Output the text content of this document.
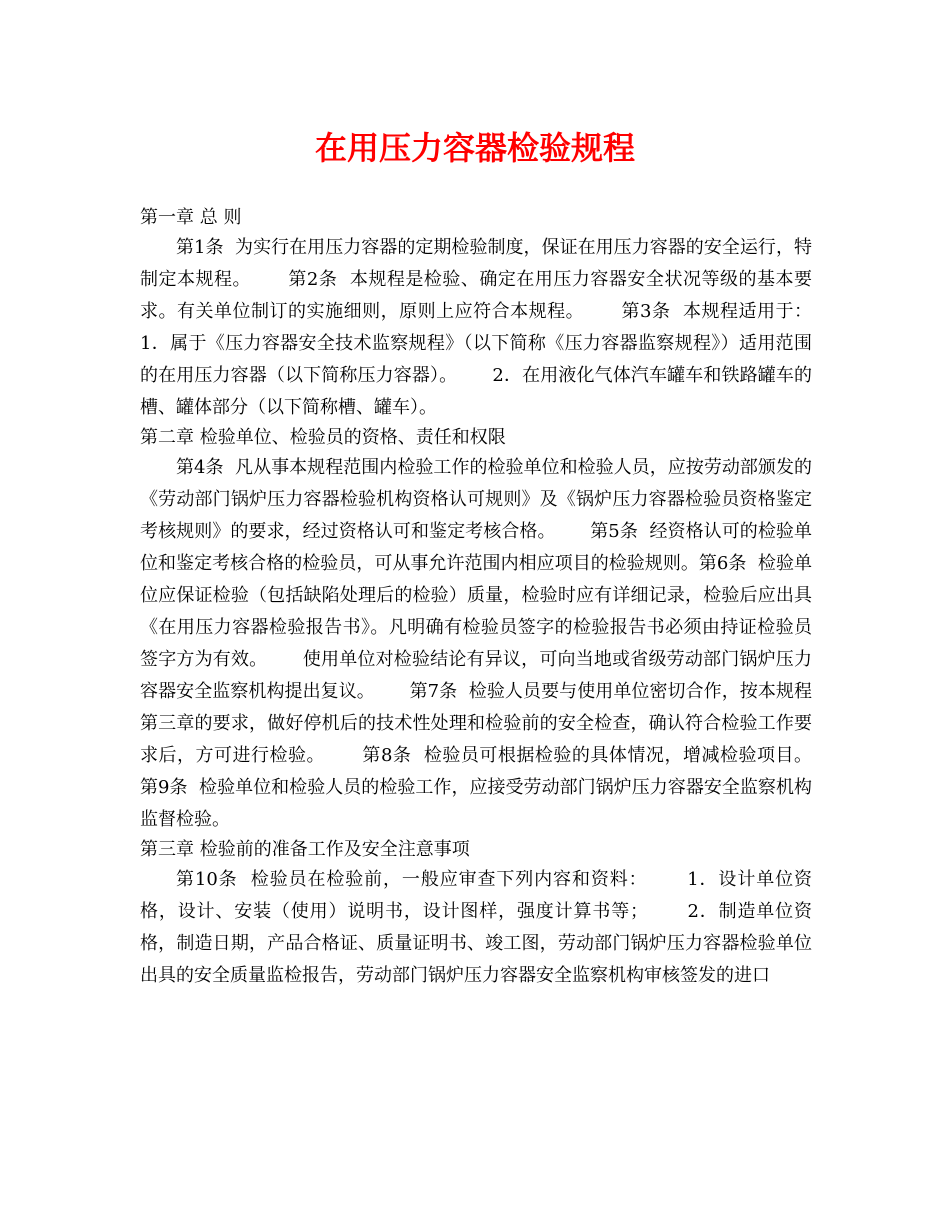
在用压力容器检验规程
第一章 总 则

第1条  为实行在用压力容器的定期检验制度，保证在用压力容器的安全运行，特制定本规程。      第2条  本规程是检验、确定在用压力容器安全状况等级的基本要求。有关单位制订的实施细则，原则上应符合本规程。      第3条  本规程适用于：      1．属于《压力容器安全技术监察规程》（以下简称《压力容器监察规程》）适用范围的在用压力容器（以下简称压力容器）。      2．在用液化气体汽车罐车和铁路罐车的槽、罐体部分（以下简称槽、罐车）。

第二章 检验单位、检验员的资格、责任和权限

第4条  凡从事本规程范围内检验工作的检验单位和检验人员，应按劳动部颁发的《劳动部门锅炉压力容器检验机构资格认可规则》及《锅炉压力容器检验员资格鉴定考核规则》的要求，经过资格认可和鉴定考核合格。      第5条  经资格认可的检验单位和鉴定考核合格的检验员，可从事允许范围内相应项目的检验规则。第6条  检验单位应保证检验（包括缺陷处理后的检验）质量，检验时应有详细记录，检验后应出具《在用压力容器检验报告书》。凡明确有检验员签字的检验报告书必须由持证检验员签字方为有效。      使用单位对检验结论有异议，可向当地或省级劳动部门锅炉压力容器安全监察机构提出复议。      第7条  检验人员要与使用单位密切合作，按本规程第三章的要求，做好停机后的技术性处理和检验前的安全检查，确认符合检验工作要求后，方可进行检验。      第8条  检验员可根据检验的具体情况，增减检验项目。      第9条  检验单位和检验人员的检验工作，应接受劳动部门锅炉压力容器安全监察机构监督检验。

第三章 检验前的准备工作及安全注意事项

第10条  检验员在检验前，一般应审查下列内容和资料：      1．设计单位资格，设计、安装（使用）说明书，设计图样，强度计算书等；      2．制造单位资格，制造日期，产品合格证、质量证明书、竣工图，劳动部门锅炉压力容器检验单位出具的安全质量监检报告，劳动部门锅炉压力容器安全监察机构审核签发的进口
